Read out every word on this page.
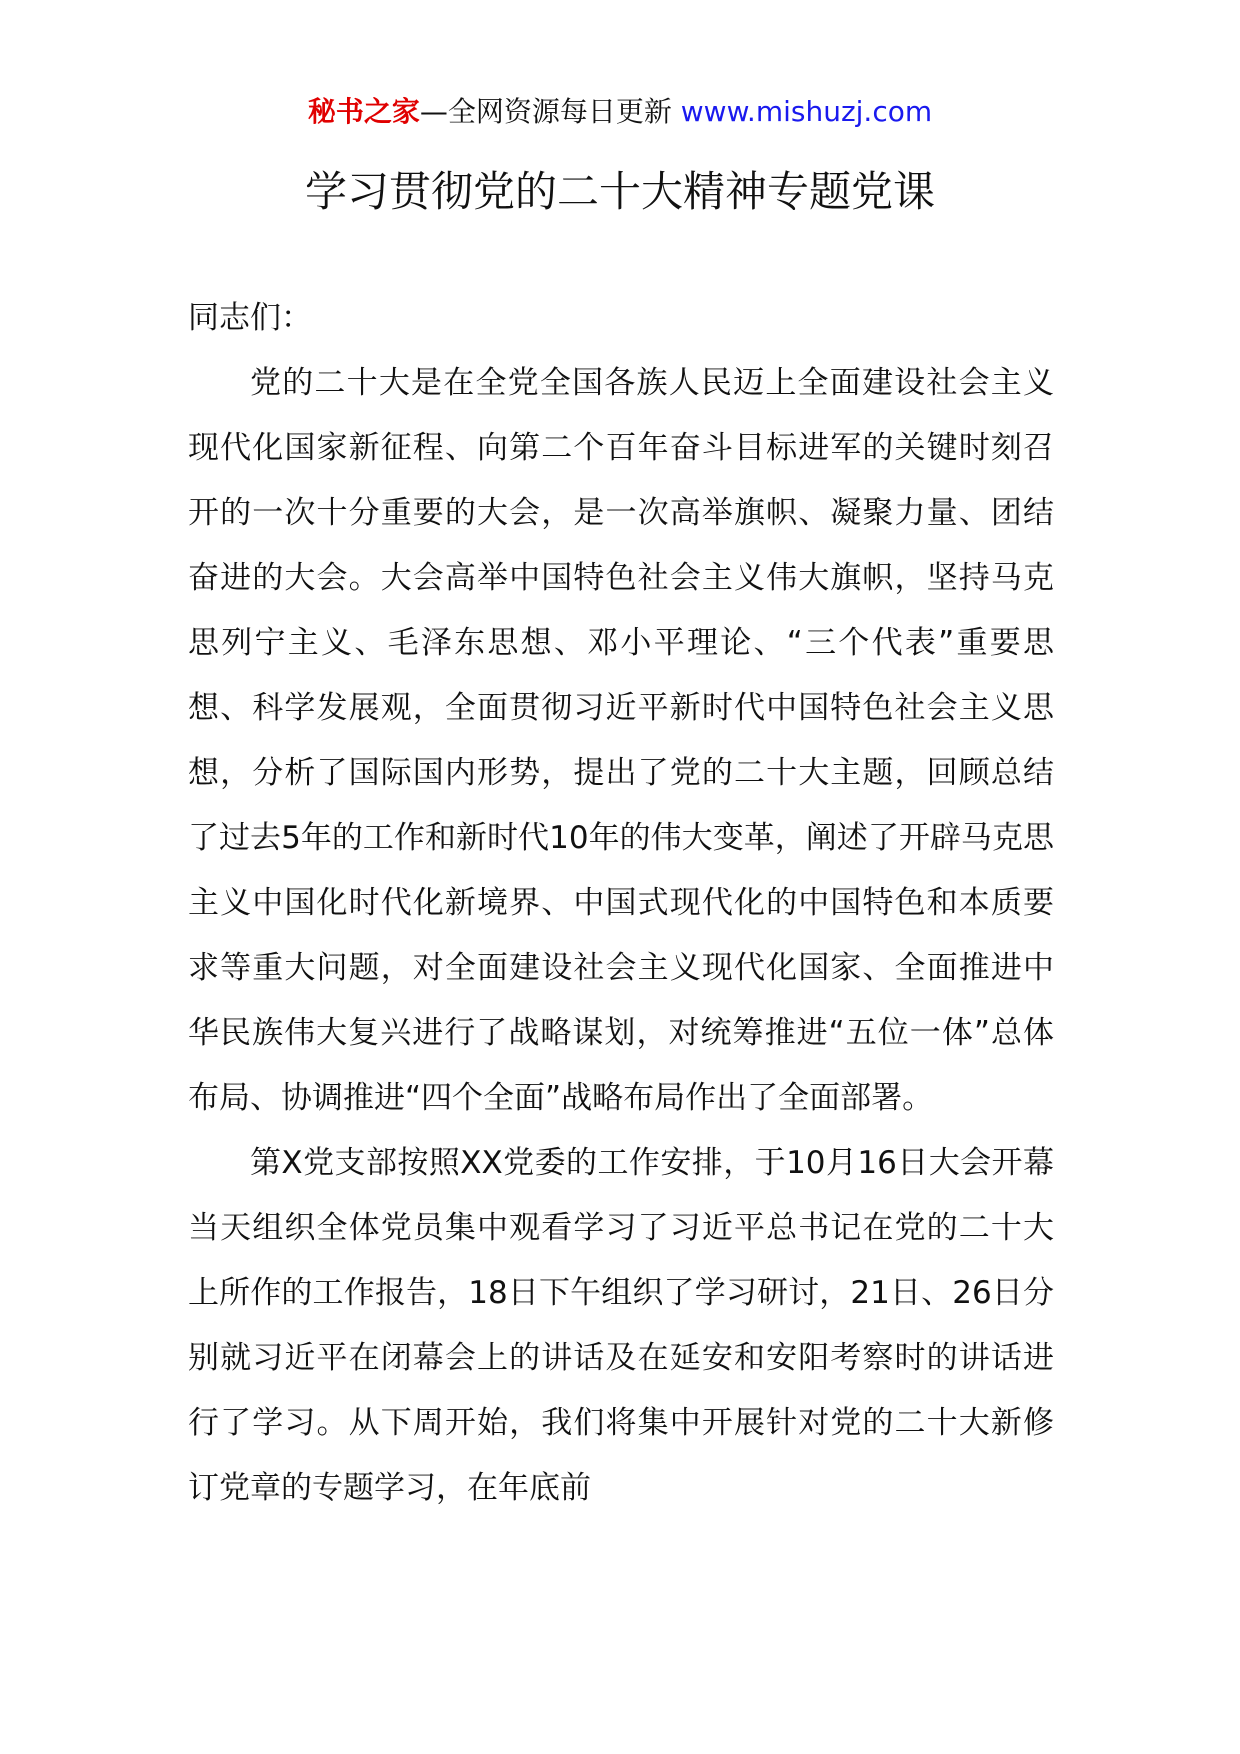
秘书之家—全网资源每日更新 www.mishuzj.com
学习贯彻党的二十大精神专题党课

同志们：

党的二十大是在全党全国各族人民迈上全面建设社会主义现代化国家新征程、向第二个百年奋斗目标进军的关键时刻召开的一次十分重要的大会，是一次高举旗帜、凝聚力量、团结奋进的大会。大会高举中国特色社会主义伟大旗帜，坚持马克思列宁主义、毛泽东思想、邓小平理论、“三个代表”重要思想、科学发展观，全面贯彻习近平新时代中国特色社会主义思想，分析了国际国内形势，提出了党的二十大主题，回顾总结了过去5年的工作和新时代10年的伟大变革，阐述了开辟马克思主义中国化时代化新境界、中国式现代化的中国特色和本质要求等重大问题，对全面建设社会主义现代化国家、全面推进中华民族伟大复兴进行了战略谋划，对统筹推进“五位一体”总体布局、协调推进“四个全面”战略布局作出了全面部署。

第X党支部按照XX党委的工作安排，于10月16日大会开幕当天组织全体党员集中观看学习了习近平总书记在党的二十大上所作的工作报告，18日下午组织了学习研讨，21日、26日分别就习近平在闭幕会上的讲话及在延安和安阳考察时的讲话进行了学习。从下周开始，我们将集中开展针对党的二十大新修订党章的专题学习，在年底前
